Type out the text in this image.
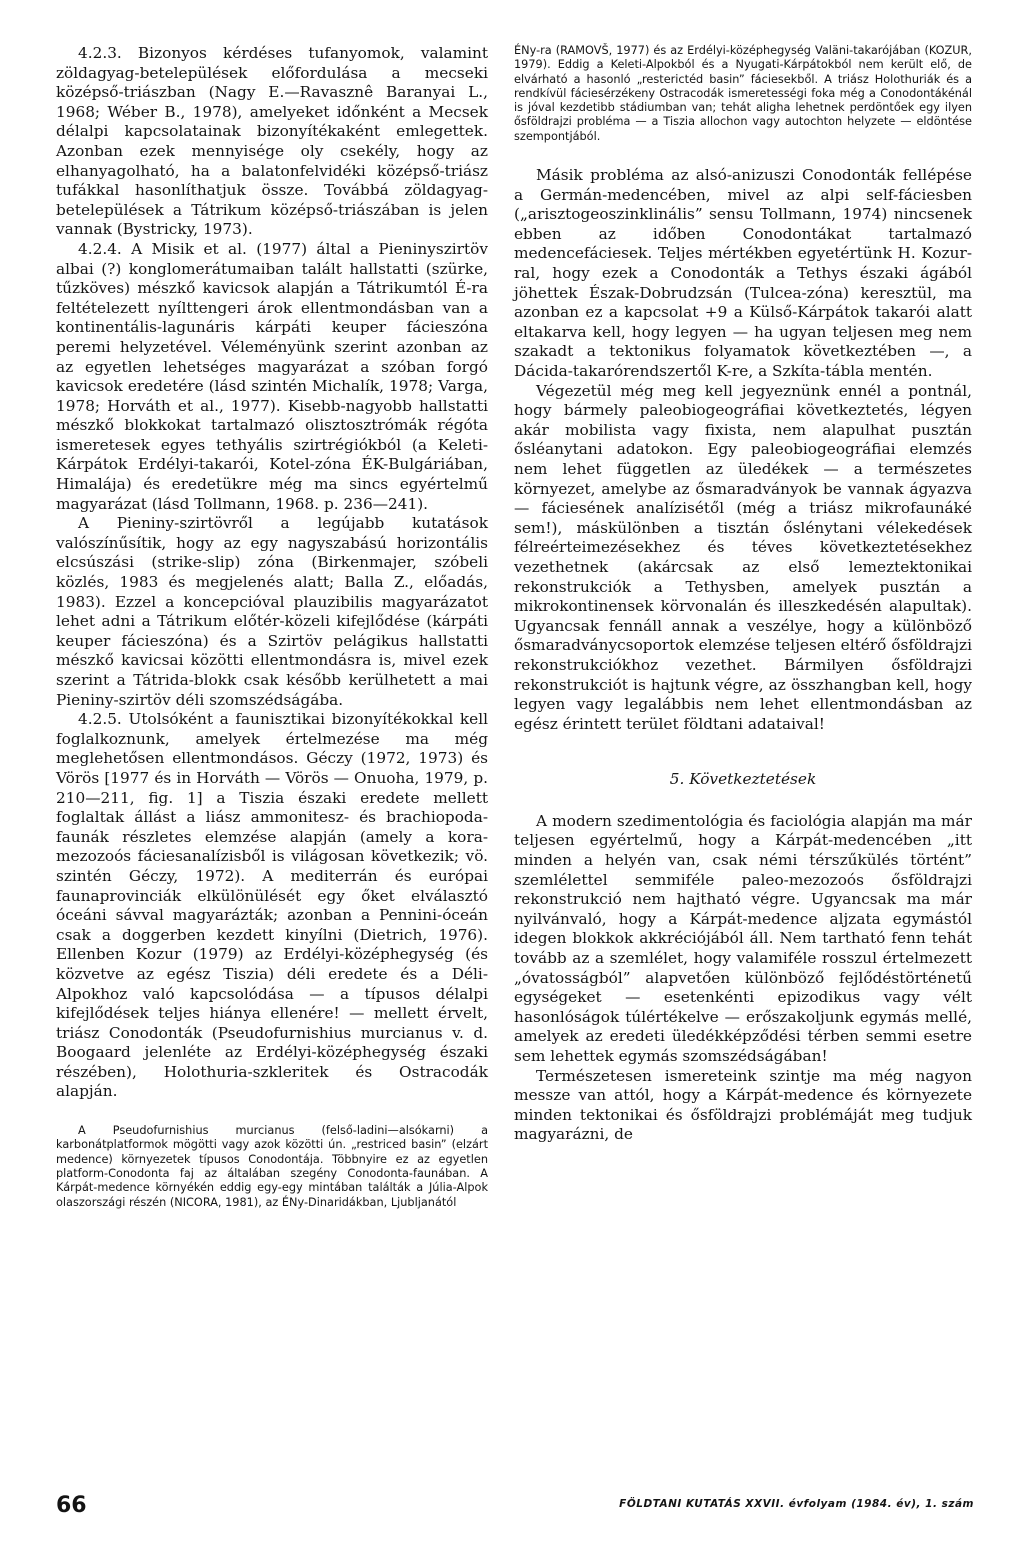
4.2.3. Bizonyos kérdéses tufanyomok, valamint zöldagyag-betelepülések előfordulása a mecseki középső-triászban (Nagy E.—Ravasznê Baranyai L., 1968; Wéber B., 1978), amelyeket időnként a Mecsek délalpi kapcsolatainak bizonyítékaként emlegettek. Azonban ezek mennyisége oly csekély, hogy az elhanyagolható, ha a balatonfelvidéki középső-triász tufákkal hasonlíthatjuk össze. Továbbá zöldagyag-betelepülések a Tátrikum középső-triászában is jelen vannak (Bystricky, 1973).

4.2.4. A Misik et al. (1977) által a Pieninyszirtöv albai (?) konglomerátumaiban talált hallstatti (szürke, tűzköves) mészkő kavicsok alapján a Tátrikumtól É-ra feltételezett nyílttengeri árok ellentmondásban van a kontinentális-lagunáris kárpáti keuper fácieszóna peremi helyzetével. Véleményünk szerint azonban az az egyetlen lehetséges magyarázat a szóban forgó kavicsok eredetére (lásd szintén Michalík, 1978; Varga, 1978; Horváth et al., 1977). Kisebb-nagyobb hallstatti mészkő blokkokat tartalmazó olisztosztrómák régóta ismeretesek egyes tethyális szirtrégiókból (a Keleti-Kárpátok Erdélyi-takarói, Kotel-zóna ÉK-Bulgáriában, Himalája) és eredetükre még ma sincs egyértelmű magyarázat (lásd Tollmann, 1968. p. 236—241).

A Pieniny-szirtövről a legújabb kutatások valószínűsítik, hogy az egy nagyszabású horizontális elcsúszási (strike-slip) zóna (Birkenmajer, szóbeli közlés, 1983 és megjelenés alatt; Balla Z., előadás, 1983). Ezzel a koncepcióval plauzibilis magyarázatot lehet adni a Tátrikum előtér-közeli kifejlődése (kárpáti keuper fácieszóna) és a Szirtöv pelágikus hallstatti mészkő kavicsai közötti ellentmondásra is, mivel ezek szerint a Tátrida-blokk csak később kerülhetett a mai Pieniny-szirtöv déli szomszédságába.

4.2.5. Utolsóként a faunisztikai bizonyítékokkal kell foglalkoznunk, amelyek értelmezése ma még meglehetősen ellentmondásos. Géczy (1972, 1973) és Vörös [1977 és in Horváth — Vörös — Onuoha, 1979, p. 210—211, fig. 1] a Tiszia északi eredete mellett foglaltak állást a liász ammonitesz- és brachiopoda-faunák részletes elemzése alapján (amely a kora-mezozoós fáciesanalízisből is világosan következik; vö. szintén Géczy, 1972). A mediterrán és európai faunaprovinciák elkülönülését egy őket elválasztó óceáni sávval magyarázták; azonban a Pennini-óceán csak a doggerben kezdett kinyílni (Dietrich, 1976). Ellenben Kozur (1979) az Erdélyi-középhegység (és közvetve az egész Tiszia) déli eredete és a Déli-Alpokhoz való kapcsolódása — a típusos délalpi kifejlődések teljes hiánya ellenére! — mellett érvelt, triász Conodonták (Pseudofurnishius murcianus v. d. Boogaard jelenléte az Erdélyi-középhegység északi részében), Holothuria-szkleritek és Ostracodák alapján.

A Pseudofurnishius murcianus (felső-ladini—alsókarni) a karbonátplatformok mögötti vagy azok közötti ún. „restriced basin” (elzárt medence) környezetek típusos Conodontája. Többnyire ez az egyetlen platform-Conodonta faj az általában szegény Conodonta-faunában. A Kárpát-medence környékén eddig egy-egy mintában találták a Júlia-Alpok olaszországi részén (NICORA, 1981), az ÉNy-Dinaridákban, Ljubljanától

ÉNy-ra (RAMOVŠ, 1977) és az Erdélyi-középhegység Valäni-takarójában (KOZUR, 1979). Eddig a Keleti-Alpokból és a Nyugati-Kárpátokból nem került elő, de elvárható a hasonló „resterictéd basin” fáciesekből. A triász Holothuriák és a rendkívül fáciesérzékeny Ostracodák ismeretességi foka még a Conodontákénál is jóval kezdetibb stádiumban van; tehát aligha lehetnek perdöntőek egy ilyen ősföldrajzi probléma — a Tiszia allochon vagy autochton helyzete — eldöntése szempontjából.

Másik probléma az alsó-anizuszi Conodonták fellépése a Germán-medencében, mivel az alpi self-fáciesben („arisztogeoszinklinális” sensu Tollmann, 1974) nincsenek ebben az időben Conodontákat tartalmazó medencefáciesek. Teljes mértékben egyetértünk H. Kozur-ral, hogy ezek a Conodonták a Tethys északi ágából jöhettek Észak-Dobrudzsán (Tulcea-zóna) keresztül, ma azonban ez a kapcsolat +9 a Külső-Kárpátok takarói alatt eltakarva kell, hogy legyen — ha ugyan teljesen meg nem szakadt a tektonikus folyamatok következtében —, a Dácida-takarórendszertől K-re, a Szkíta-tábla mentén.

Végezetül még meg kell jegyeznünk ennél a pontnál, hogy bármely paleobiogeográfiai következtetés, légyen akár mobilista vagy fixista, nem alapulhat pusztán ősléanytani adatokon. Egy paleobiogeográfiai elemzés nem lehet független az üledékek — a természetes környezet, amelybe az ősmaradványok be vannak ágyazva — fáciesének analízisétől (még a triász mikrofaunáké sem!), máskülönben a tisztán őslénytani vélekedések félreérteimezésekhez és téves következtetésekhez vezethetnek (akárcsak az első lemeztektonikai rekonstrukciók a Tethysben, amelyek pusztán a mikrokontinensek körvonalán és illeszkedésén alapultak). Ugyancsak fennáll annak a veszélye, hogy a különböző ősmaradványcsoportok elemzése teljesen eltérő ősföldrajzi rekonstrukciókhoz vezethet. Bármilyen ősföldrajzi rekonstrukciót is hajtunk végre, az összhangban kell, hogy legyen vagy legalábbis nem lehet ellentmondásban az egész érintett terület földtani adataival!

5. Következtetések

A modern szedimentológia és faciológia alapján ma már teljesen egyértelmű, hogy a Kárpát-medencében „itt minden a helyén van, csak némi térszűkülés történt” szemlélettel semmiféle paleo-mezozoós ősföldrajzi rekonstrukció nem hajtható végre. Ugyancsak ma már nyilvánvaló, hogy a Kárpát-medence aljzata egymástól idegen blokkok akkréciójából áll. Nem tartható fenn tehát tovább az a szemlélet, hogy valamiféle rosszul értelmezett „óvatosságból” alapvetően különböző fejlődéstörténetű egységeket — esetenkénti epizodikus vagy vélt hasonlóságok túlértékelve — erőszakoljunk egymás mellé, amelyek az eredeti üledékképződési térben semmi esetre sem lehettek egymás szomszédságában!

Természetesen ismereteink szintje ma még nagyon messze van attól, hogy a Kárpát-medence és környezete minden tektonikai és ősföldrajzi problémáját meg tudjuk magyarázni, de

66	FÖLDTANI KUTATÁS XXVII. évfolyam (1984. év), 1. szám
